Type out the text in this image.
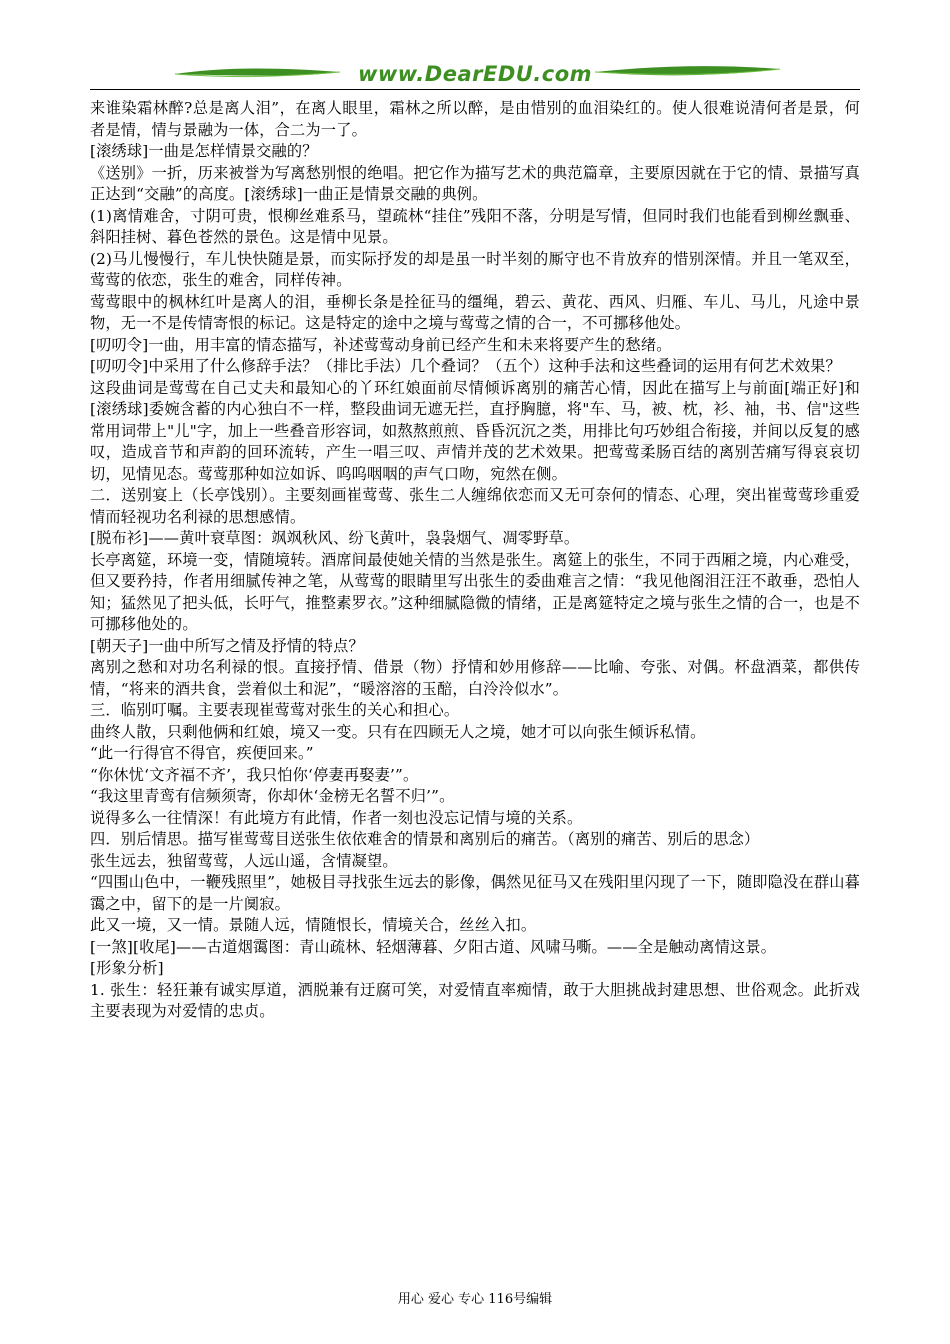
www.DearEDU.com

来谁染霜林醉?总是离人泪”，在离人眼里，霜林之所以醉，是由惜别的血泪染红的。使人很难说清何者是景，何者是情，情与景融为一体，合二为一了。

[滚绣球]一曲是怎样情景交融的？

《送别》一折，历来被誉为写离愁别恨的绝唱。把它作为描写艺术的典范篇章，主要原因就在于它的情、景描写真正达到“交融”的高度。[滚绣球]一曲正是情景交融的典例。

(1)离情难舍，寸阴可贵，恨柳丝难系马，望疏林“挂住”残阳不落，分明是写情，但同时我们也能看到柳丝飘垂、斜阳挂树、暮色苍然的景色。这是情中见景。

(2)马儿慢慢行，车儿快快随是景，而实际抒发的却是虽一时半刻的厮守也不肯放弃的惜别深情。并且一笔双至，莺莺的依恋，张生的难舍，同样传神。

莺莺眼中的枫林红叶是离人的泪，垂柳长条是拴征马的缰绳，碧云、黄花、西风、归雁、车儿、马儿，凡途中景物，无一不是传情寄恨的标记。这是特定的途中之境与莺莺之情的合一，不可挪移他处。

[叨叨令]一曲，用丰富的情态描写，补述莺莺动身前已经产生和未来将要产生的愁绪。

[叨叨令]中采用了什么修辞手法？（排比手法）几个叠词？（五个）这种手法和这些叠词的运用有何艺术效果？

这段曲词是莺莺在自己丈夫和最知心的丫环红娘面前尽情倾诉离别的痛苦心情，因此在描写上与前面[端正好]和[滚绣球]委婉含蓄的内心独白不一样，整段曲词无遮无拦，直抒胸臆，将"车、马，被、枕，衫、袖，书、信"这些常用词带上"儿"字，加上一些叠音形容词，如熬熬煎煎、昏昏沉沉之类，用排比句巧妙组合衔接，并间以反复的感叹，造成音节和声韵的回环流转，产生一唱三叹、声情并茂的艺术效果。把莺莺柔肠百结的离别苦痛写得哀哀切切，见情见态。莺莺那种如泣如诉、呜呜咽咽的声气口吻，宛然在侧。

二．送别宴上（长亭饯别）。主要刻画崔莺莺、张生二人缠绵依恋而又无可奈何的情态、心理，突出崔莺莺珍重爱情而轻视功名利禄的思想感情。

[脱布衫]——黄叶衰草图：飒飒秋风、纷飞黄叶，袅袅烟气、凋零野草。

长亭离筵，环境一变，情随境转。酒席间最使她关情的当然是张生。离筵上的张生，不同于西厢之境，内心难受，但又要矜持，作者用细腻传神之笔，从莺莺的眼睛里写出张生的委曲难言之情：“我见他阁泪汪汪不敢垂，恐怕人知；猛然见了把头低，长吁气，推整素罗衣。”这种细腻隐微的情绪，正是离筵特定之境与张生之情的合一，也是不可挪移他处的。

[朝天子]一曲中所写之情及抒情的特点？

离别之愁和对功名利禄的恨。直接抒情、借景（物）抒情和妙用修辞——比喻、夸张、对偶。杯盘酒菜，都供传情，“将来的酒共食，尝着似土和泥”，“暖溶溶的玉醅，白泠泠似水”。

三．临别叮嘱。主要表现崔莺莺对张生的关心和担心。

曲终人散，只剩他俩和红娘，境又一变。只有在四顾无人之境，她才可以向张生倾诉私情。

“此一行得官不得官，疾便回来。”

“你休忧‘文齐福不齐’，我只怕你‘停妻再娶妻’”。

“我这里青鸾有信频须寄，你却休‘金榜无名誓不归’”。

说得多么一往情深！有此境方有此情，作者一刻也没忘记情与境的关系。

四．别后情思。描写崔莺莺目送张生依依难舍的情景和离别后的痛苦。（离别的痛苦、别后的思念）

张生远去，独留莺莺，人远山遥，含情凝望。

“四围山色中，一鞭残照里”，她极目寻找张生远去的影像，偶然见征马又在残阳里闪现了一下，随即隐没在群山暮霭之中，留下的是一片阒寂。

此又一境，又一情。景随人远，情随恨长，情境关合，丝丝入扣。

[一煞][收尾]——古道烟霭图：青山疏林、轻烟薄暮、夕阳古道、风啸马嘶。——全是触动离情这景。

[形象分析]

1. 张生：轻狂兼有诚实厚道，洒脱兼有迂腐可笑，对爱情直率痴情，敢于大胆挑战封建思想、世俗观念。此折戏主要表现为对爱情的忠贞。

用心 爱心 专心 116号编辑
